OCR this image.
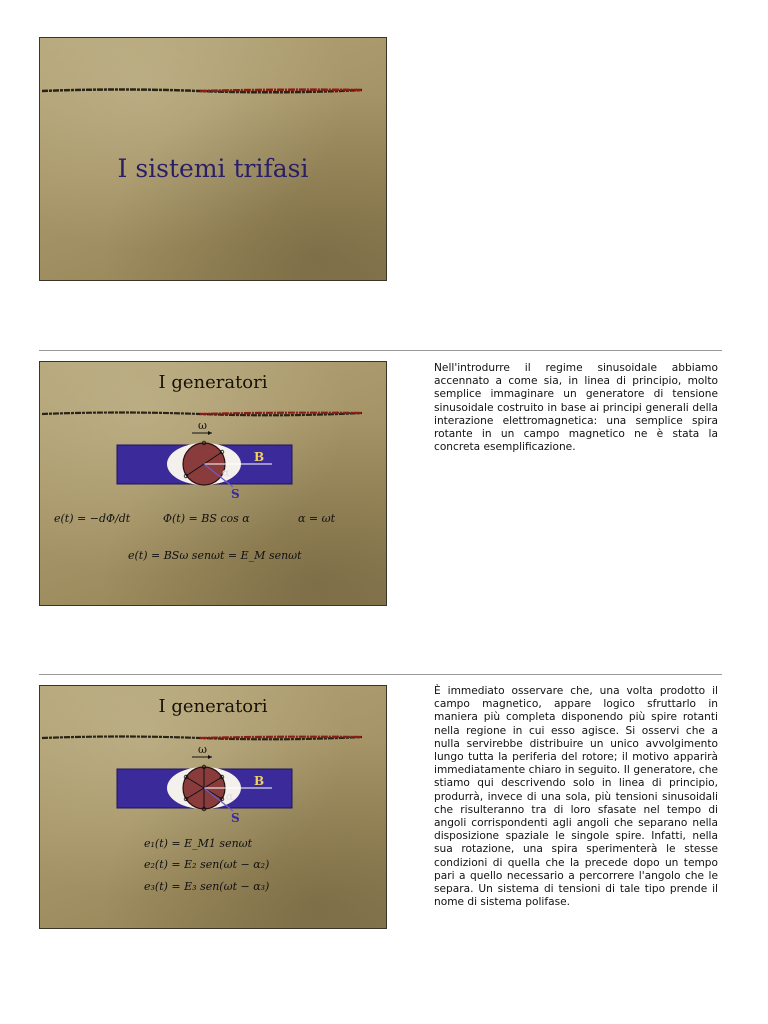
I sistemi trifasi
I generatori
ω
B
α
S
e(t) = −dΦ/dt	Φ(t) = BS cos α	α = ωt
e(t) = BSω senωt = E_M senωt
Nell'introdurre il regime sinusoidale abbiamo accennato a come sia, in linea di principio, molto semplice immaginare un generatore di tensione sinusoidale costruito in base ai principi generali della interazione elettromagnetica: una semplice spira rotante in un campo magnetico ne è stata la concreta esemplificazione.
I generatori
ω
B
α
S
e₁(t) = E_M1 senωt
e₂(t) = E₂ sen(ωt − α₂)
e₃(t) = E₃ sen(ωt − α₃)
È immediato osservare che, una volta prodotto il campo magnetico, appare logico sfruttarlo in maniera più completa disponendo più spire rotanti nella regione in cui esso agisce. Si osservi che a nulla servirebbe distribuire un unico avvolgimento lungo tutta la periferia del rotore; il motivo apparirà immediatamente chiaro in seguito. Il generatore, che stiamo qui descrivendo solo in linea di principio, produrrà, invece di una sola, più tensioni sinusoidali che risulteranno tra di loro sfasate nel tempo di angoli corrispondenti agli angoli che separano nella disposizione spaziale le singole spire. Infatti, nella sua rotazione, una spira sperimenterà le stesse condizioni di quella che la precede dopo un tempo pari a quello necessario a percorrere l'angolo che le separa. Un sistema di tensioni di tale tipo prende il nome di sistema polifase.
